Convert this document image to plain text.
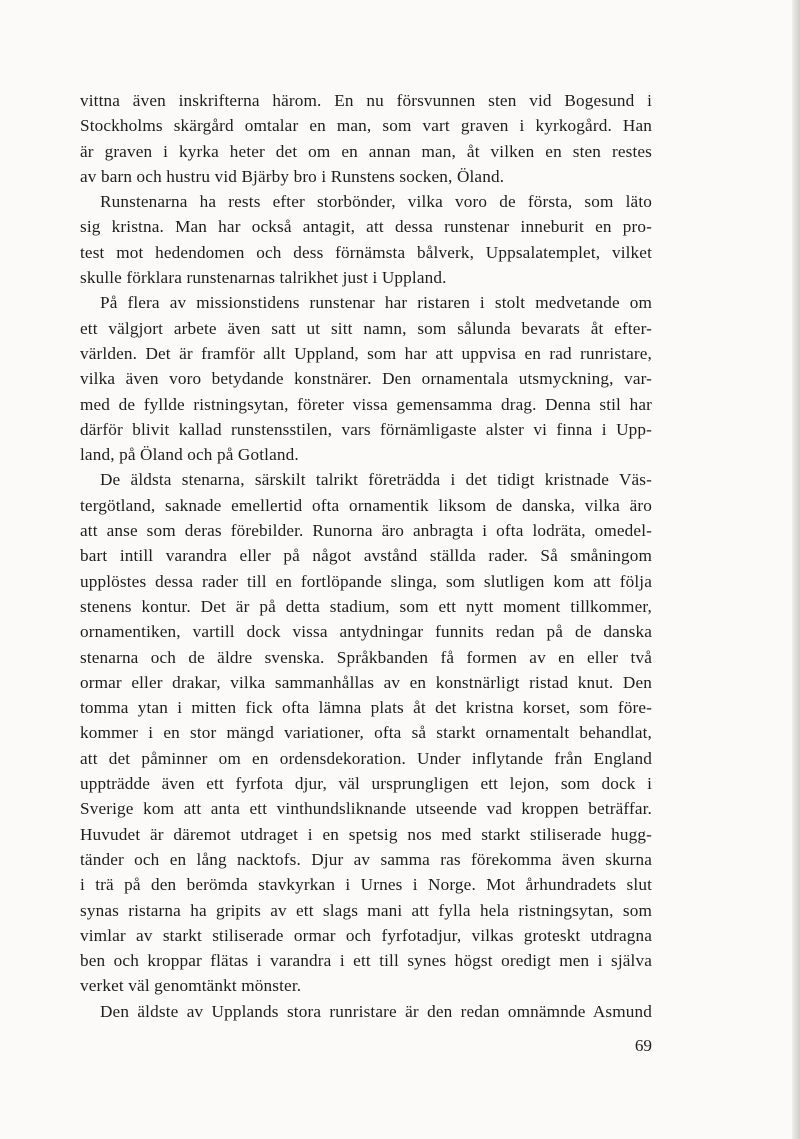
vittna även inskrifterna härom. En nu försvunnen sten vid Bogesund i
Stockholms skärgård omtalar en man, som vart graven i kyrkogård. Han
är graven i kyrka heter det om en annan man, åt vilken en sten restes
av barn och hustru vid Bjärby bro i Runstens socken, Öland.
Runstenarna ha rests efter storbönder, vilka voro de första, som läto
sig kristna. Man har också antagit, att dessa runstenar inneburit en pro-
test mot hedendomen och dess förnämsta bålverk, Uppsalatemplet, vilket
skulle förklara runstenarnas talrikhet just i Uppland.
På flera av missionstidens runstenar har ristaren i stolt medvetande om
ett välgjort arbete även satt ut sitt namn, som sålunda bevarats åt efter-
världen. Det är framför allt Uppland, som har att uppvisa en rad runristare,
vilka även voro betydande konstnärer. Den ornamentala utsmyckning, var-
med de fyllde ristningsytan, företer vissa gemensamma drag. Denna stil har
därför blivit kallad runstensstilen, vars förnämligaste alster vi finna i Upp-
land, på Öland och på Gotland.
De äldsta stenarna, särskilt talrikt företrädda i det tidigt kristnade Väs-
tergötland, saknade emellertid ofta ornamentik liksom de danska, vilka äro
att anse som deras förebilder. Runorna äro anbragta i ofta lodräta, omedel-
bart intill varandra eller på något avstånd ställda rader. Så småningom
upplöstes dessa rader till en fortlöpande slinga, som slutligen kom att följa
stenens kontur. Det är på detta stadium, som ett nytt moment tillkommer,
ornamentiken, vartill dock vissa antydningar funnits redan på de danska
stenarna och de äldre svenska. Språkbanden få formen av en eller två
ormar eller drakar, vilka sammanhållas av en konstnärligt ristad knut. Den
tomma ytan i mitten fick ofta lämna plats åt det kristna korset, som före-
kommer i en stor mängd variationer, ofta så starkt ornamentalt behandlat,
att det påminner om en ordensdekoration. Under inflytande från England
uppträdde även ett fyrfota djur, väl ursprungligen ett lejon, som dock i
Sverige kom att anta ett vinthundsliknande utseende vad kroppen beträffar.
Huvudet är däremot utdraget i en spetsig nos med starkt stiliserade hugg-
tänder och en lång nacktofs. Djur av samma ras förekomma även skurna
i trä på den berömda stavkyrkan i Urnes i Norge. Mot århundradets slut
synas ristarna ha gripits av ett slags mani att fylla hela ristningsytan, som
vimlar av starkt stiliserade ormar och fyrfotadjur, vilkas groteskt utdragna
ben och kroppar flätas i varandra i ett till synes högst oredigt men i själva
verket väl genomtänkt mönster.
Den äldste av Upplands stora runristare är den redan omnämnde Asmund
69
